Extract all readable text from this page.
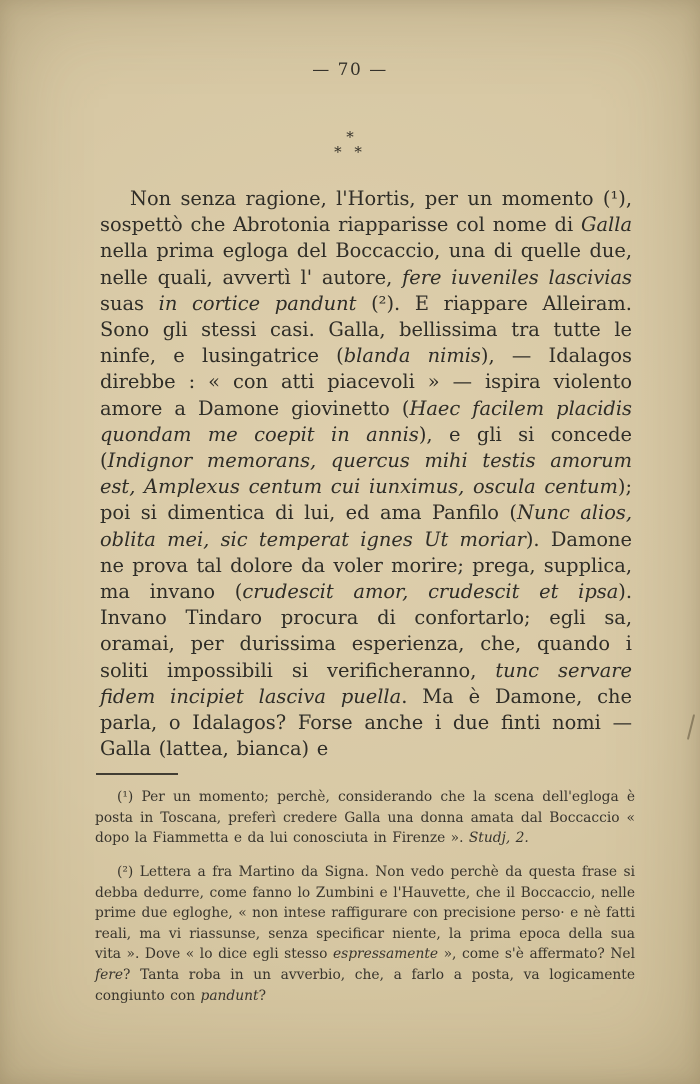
— 70 —
*
* *

Non senza ragione, l'Hortis, per un momento (¹), sospettò che Abrotonia riapparisse col nome di Galla nella prima egloga del Boccaccio, una di quelle due, nelle quali, avvertì l' autore, fere iuveniles lascivias suas in cortice pandunt (²). E riappare Alleiram. Sono gli stessi casi. Galla, bellissima tra tutte le ninfe, e lusingatrice (blanda nimis), — Idalagos direbbe : « con atti piacevoli » — ispira violento amore a Damone giovinetto (Haec facilem placidis quondam me coepit in annis), e gli si concede (Indignor memorans, quercus mihi testis amorum est, Amplexus centum cui iunximus, oscula centum); poi si dimentica di lui, ed ama Panfilo (Nunc alios, oblita mei, sic temperat ignes Ut moriar). Damone ne prova tal dolore da voler morire; prega, supplica, ma invano (crudescit amor, crudescit et ipsa). Invano Tindaro procura di confortarlo; egli sa, oramai, per durissima esperienza, che, quando i soliti impossibili si verificheranno, tunc servare fidem incipiet lasciva puella. Ma è Damone, che parla, o Idalagos? Forse anche i due finti nomi — Galla (lattea, bianca) e

(¹) Per un momento; perchè, considerando che la scena dell'egloga è posta in Toscana, preferì credere Galla una donna amata dal Boccaccio « dopo la Fiammetta e da lui conosciuta in Firenze ». Studj, 2.

(²) Lettera a fra Martino da Signa. Non vedo perchè da questa frase si debba dedurre, come fanno lo Zumbini e l'Hauvette, che il Boccaccio, nelle prime due egloghe, « non intese raffigurare con precisione perso· e nè fatti reali, ma vi riassunse, senza specificar niente, la prima epoca della sua vita ». Dove « lo dice egli stesso espressamente », come s'è affermato? Nel fere? Tanta roba in un avverbio, che, a farlo a posta, va logicamente congiunto con pandunt?
